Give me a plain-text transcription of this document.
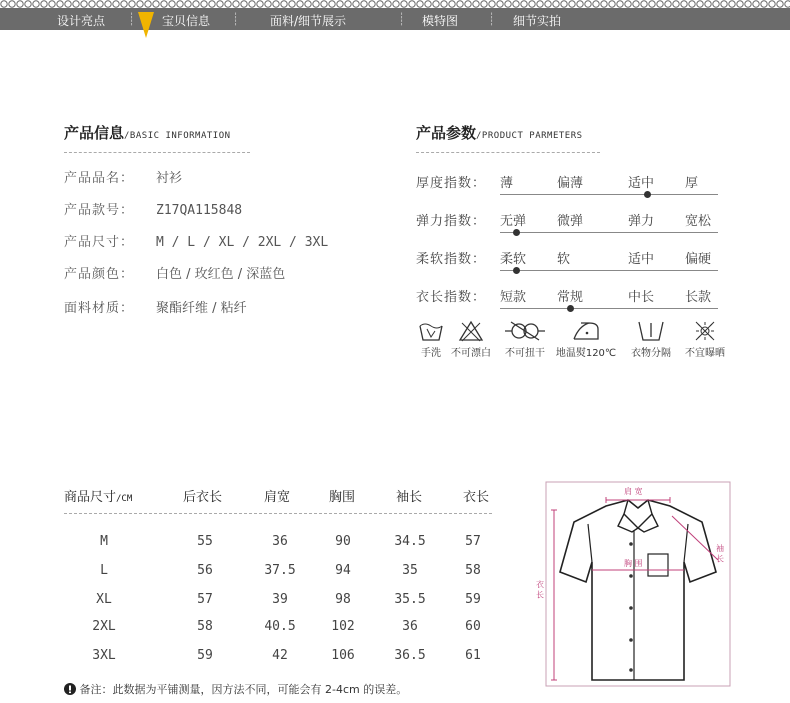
设计亮点 ┊ 宝贝信息 ┊	面料/细节展示	┊ 模特图 ┊ 细节实拍
产品信息/BASIC INFORMATION
产品品名： 衬衫
产品款号： Z17QA115848
产品尺寸： M / L / XL / 2XL / 3XL
产品颜色： 白色 / 玫红色 / 深蓝色
面料材质： 聚酯纤维 / 粘纤
产品参数/PRODUCT PARMETERS
厚度指数： 薄	偏薄	适中 厚
弹力指数： 无弹 微弹	弹力 宽松
柔软指数： 柔软 软	适中 偏硬
衣长指数： 短款 常规	中长 长款
手洗	不可漂白	不可扭干	地温熨120℃	衣物分隔	不宜曝晒
商品尺寸/CM	后衣长	肩宽	胸围	袖长	衣长
M	55	36	90	34.5	57
L	56	37.5	94	35	58
XL	57	39	98	35.5	59
2XL	58	40.5	102	36	60
3XL	59	42	106	36.5	61
肩 宽
胸 围
袖 长
衣 长
备注：此数据为平铺测量，因方法不同，可能会有 2-4cm 的误差。
